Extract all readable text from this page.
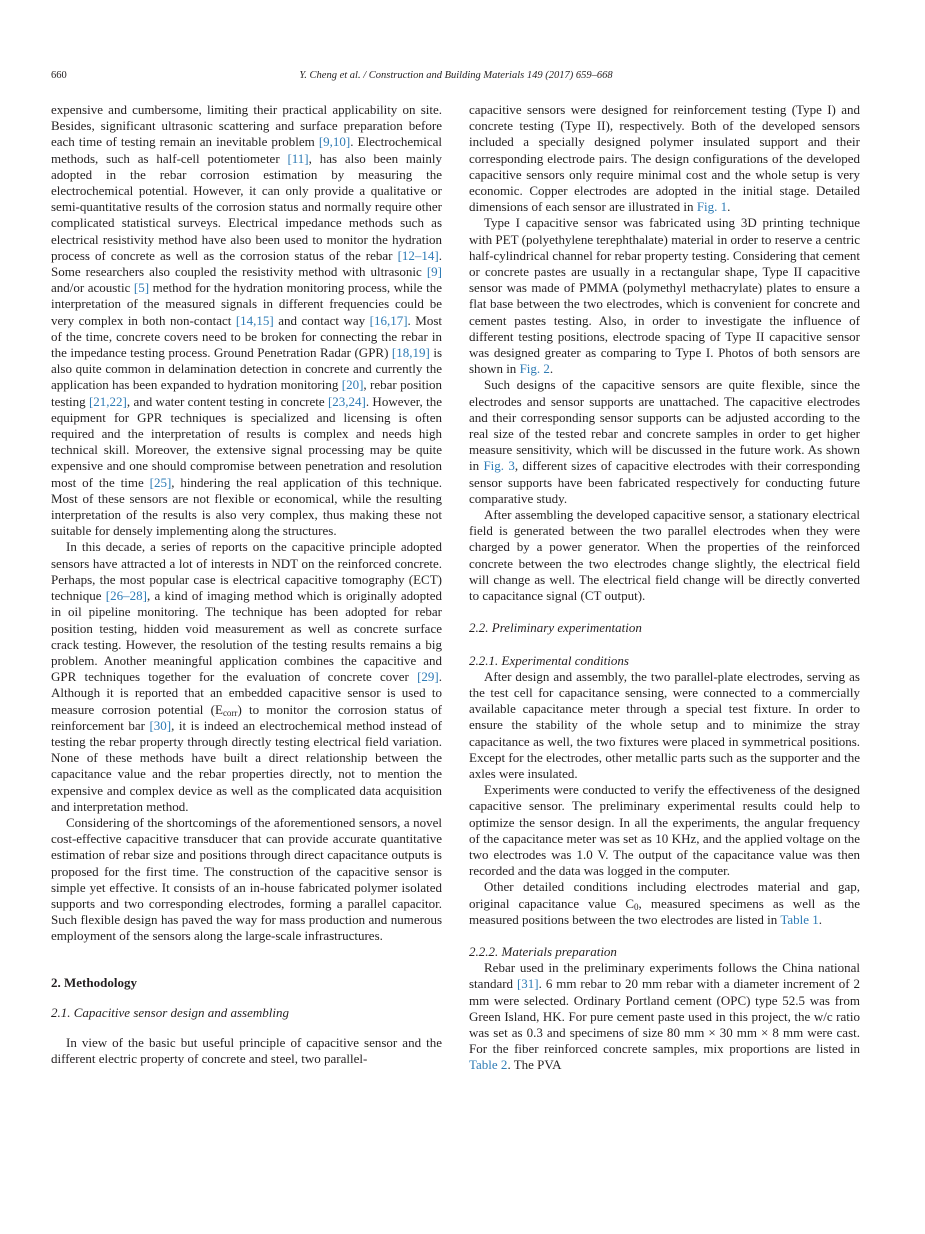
660	Y. Cheng et al. / Construction and Building Materials 149 (2017) 659–668

expensive and cumbersome, limiting their practical applicability on site. Besides, significant ultrasonic scattering and surface preparation before each time of testing remain an inevitable problem [9,10]. Electrochemical methods, such as half-cell potentiometer [11], has also been mainly adopted in the rebar corrosion estimation by measuring the electrochemical potential. However, it can only provide a qualitative or semi-quantitative results of the corrosion status and normally require other complicated statistical surveys. Electrical impedance methods such as electrical resistivity method have also been used to monitor the hydration process of concrete as well as the corrosion status of the rebar [12–14]. Some researchers also coupled the resistivity method with ultrasonic [9] and/or acoustic [5] method for the hydration monitoring process, while the interpretation of the measured signals in different frequencies could be very complex in both non-contact [14,15] and contact way [16,17]. Most of the time, concrete covers need to be broken for connecting the rebar in the impedance testing process. Ground Penetration Radar (GPR) [18,19] is also quite common in delamination detection in concrete and currently the application has been expanded to hydration monitoring [20], rebar position testing [21,22], and water content testing in concrete [23,24]. However, the equipment for GPR techniques is specialized and licensing is often required and the interpretation of results is complex and needs high technical skill. Moreover, the extensive signal processing may be quite expensive and one should compromise between penetration and resolution most of the time [25], hindering the real application of this technique. Most of these sensors are not flexible or economical, while the resulting interpretation of the results is also very complex, thus making these not suitable for densely implementing along the structures.

In this decade, a series of reports on the capacitive principle adopted sensors have attracted a lot of interests in NDT on the reinforced concrete. Perhaps, the most popular case is electrical capacitive tomography (ECT) technique [26–28], a kind of imaging method which is originally adopted in oil pipeline monitoring. The technique has been adopted for rebar position testing, hidden void measurement as well as concrete surface crack testing. However, the resolution of the testing results remains a big problem. Another meaningful application combines the capacitive and GPR techniques together for the evaluation of concrete cover [29]. Although it is reported that an embedded capacitive sensor is used to measure corrosion potential $(E_{corr})$ to monitor the corrosion status of reinforcement bar [30], it is indeed an electrochemical method instead of testing the rebar property through directly testing electrical field variation. None of these methods have built a direct relationship between the capacitance value and the rebar properties directly, not to mention the expensive and complex device as well as the complicated data acquisition and interpretation method.

Considering of the shortcomings of the aforementioned sensors, a novel cost-effective capacitive transducer that can provide accurate quantitative estimation of rebar size and positions through direct capacitance outputs is proposed for the first time. The construction of the capacitive sensor is simple yet effective. It consists of an in-house fabricated polymer isolated supports and two corresponding electrodes, forming a parallel capacitor. Such flexible design has paved the way for mass production and numerous employment of the sensors along the large-scale infrastructures.

2. Methodology
2.1. Capacitive sensor design and assembling

In view of the basic but useful principle of capacitive sensor and the different electric property of concrete and steel, two parallel-

capacitive sensors were designed for reinforcement testing (Type I) and concrete testing (Type II), respectively. Both of the developed sensors included a specially designed polymer insulated support and their corresponding electrode pairs. The design configurations of the developed capacitive sensors only require minimal cost and the whole setup is very economic. Copper electrodes are adopted in the initial stage. Detailed dimensions of each sensor are illustrated in Fig. 1.

Type I capacitive sensor was fabricated using 3D printing technique with PET (polyethylene terephthalate) material in order to reserve a centric half-cylindrical channel for rebar property testing. Considering that cement or concrete pastes are usually in a rectangular shape, Type II capacitive sensor was made of PMMA (polymethyl methacrylate) plates to ensure a flat base between the two electrodes, which is convenient for concrete and cement pastes testing. Also, in order to investigate the influence of different testing positions, electrode spacing of Type II capacitive sensor was designed greater as comparing to Type I. Photos of both sensors are shown in Fig. 2.

Such designs of the capacitive sensors are quite flexible, since the electrodes and sensor supports are unattached. The capacitive electrodes and their corresponding sensor supports can be adjusted according to the real size of the tested rebar and concrete samples in order to get higher measure sensitivity, which will be discussed in the future work. As shown in Fig. 3, different sizes of capacitive electrodes with their corresponding sensor supports have been fabricated respectively for conducting future comparative study.

After assembling the developed capacitive sensor, a stationary electrical field is generated between the two parallel electrodes when they were charged by a power generator. When the properties of the reinforced concrete between the two electrodes change slightly, the electrical field will change as well. The electrical field change will be directly converted to capacitance signal (CT output).

2.2. Preliminary experimentation
2.2.1. Experimental conditions

After design and assembly, the two parallel-plate electrodes, serving as the test cell for capacitance sensing, were connected to a commercially available capacitance meter through a special test fixture. In order to ensure the stability of the whole setup and to minimize the stray capacitance as well, the two fixtures were placed in symmetrical positions. Except for the electrodes, other metallic parts such as the supporter and the axles were insulated.

Experiments were conducted to verify the effectiveness of the designed capacitive sensor. The preliminary experimental results could help to optimize the sensor design. In all the experiments, the angular frequency of the capacitance meter was set as 10 KHz, and the applied voltage on the two electrodes was 1.0 V. The output of the capacitance value was then recorded and the data was logged in the computer.

Other detailed conditions including electrodes material and gap, original capacitance value $C_0$, measured specimens as well as the measured positions between the two electrodes are listed in Table 1.

2.2.2. Materials preparation

Rebar used in the preliminary experiments follows the China national standard [31]. 6 mm rebar to 20 mm rebar with a diameter increment of 2 mm were selected. Ordinary Portland cement (OPC) type 52.5 was from Green Island, HK. For pure cement paste used in this project, the w/c ratio was set as 0.3 and specimens of size 80 mm × 30 mm × 8 mm were cast. For the fiber reinforced concrete samples, mix proportions are listed in Table 2. The PVA
